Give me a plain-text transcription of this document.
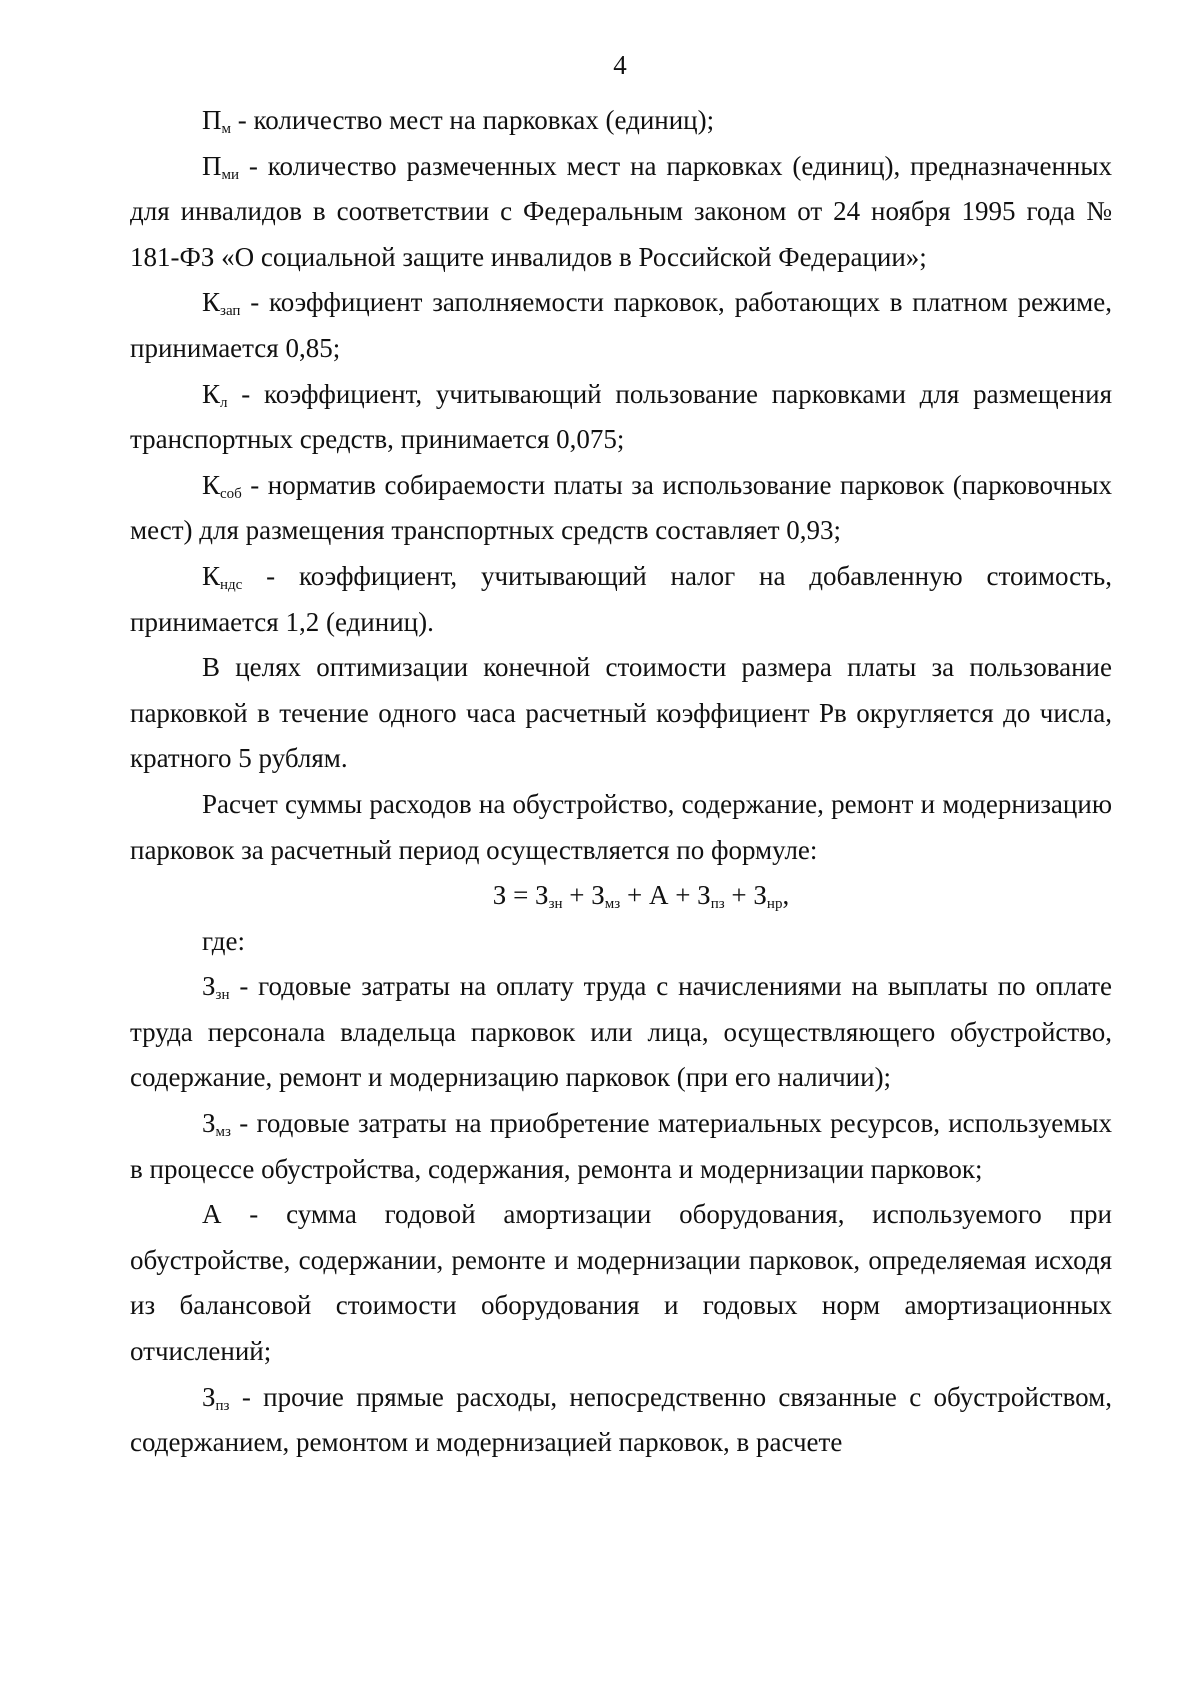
4

$П_м$ - количество мест на парковках (единиц);

$П_{ми}$ - количество размеченных мест на парковках (единиц), предназначенных для инвалидов в соответствии с Федеральным законом от 24 ноября 1995 года № 181-ФЗ «О социальной защите инвалидов в Российской Федерации»;

$К_{зап}$ - коэффициент заполняемости парковок, работающих в платном режиме, принимается 0,85;

$К_л$ - коэффициент, учитывающий пользование парковками для размещения транспортных средств, принимается 0,075;

$К_{соб}$ - норматив собираемости платы за использование парковок (парковочных мест) для размещения транспортных средств составляет 0,93;

$К_{ндс}$ - коэффициент, учитывающий налог на добавленную стоимость, принимается 1,2 (единиц).

В целях оптимизации конечной стоимости размера платы за пользование парковкой в течение одного часа расчетный коэффициент Рв округляется до числа, кратного 5 рублям.

Расчет суммы расходов на обустройство, содержание, ремонт и модернизацию парковок за расчетный период осуществляется по формуле:

$З = З_{зн} + З_{мз} + А + З_{пз} + З_{нр}$,

где:

$З_{зн}$ - годовые затраты на оплату труда с начислениями на выплаты по оплате труда персонала владельца парковок или лица, осуществляющего обустройство, содержание, ремонт и модернизацию парковок (при его наличии);

$З_{мз}$ - годовые затраты на приобретение материальных ресурсов, используемых в процессе обустройства, содержания, ремонта и модернизации парковок;

А - сумма годовой амортизации оборудования, используемого при обустройстве, содержании, ремонте и модернизации парковок, определяемая исходя из балансовой стоимости оборудования и годовых норм амортизационных отчислений;

$З_{пз}$ - прочие прямые расходы, непосредственно связанные с обустройством, содержанием, ремонтом и модернизацией парковок, в расчете
